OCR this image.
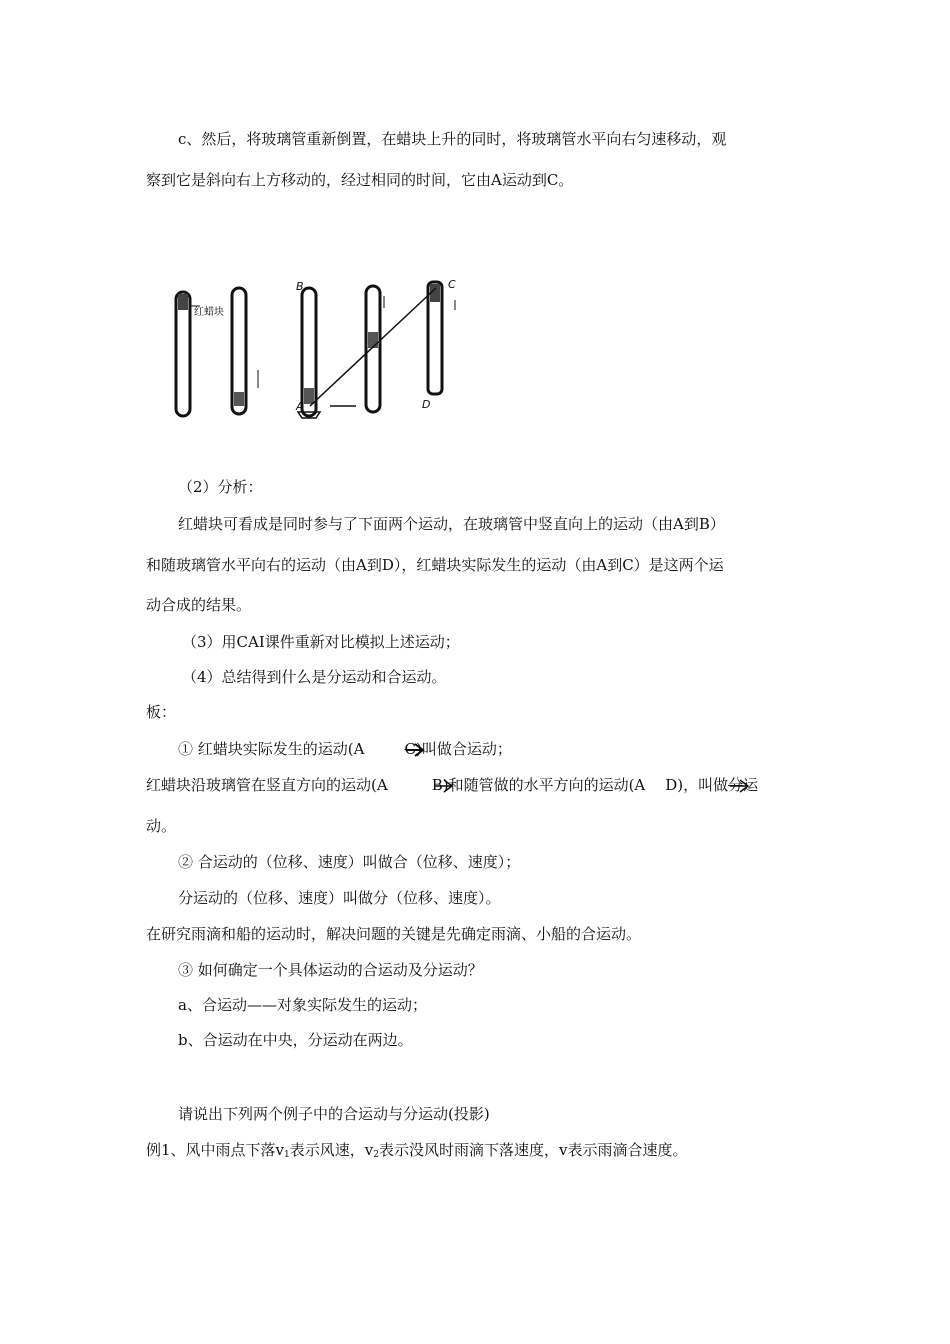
c、然后，将玻璃管重新倒置，在蜡块上升的同时，将玻璃管水平向右匀速移动，观
察到它是斜向右上方移动的，经过相同的时间，它由A运动到C。
红蜡块
B
A
C
D
（2）分析：
红蜡块可看成是同时参与了下面两个运动，在玻璃管中竖直向上的运动（由A到B）
和随玻璃管水平向右的运动（由A到D），红蜡块实际发生的运动（由A到C）是这两个运
动合成的结果。
（3）用CAI课件重新对比模拟上述运动；
（4）总结得到什么是分运动和合运动。
板：
① 红蜡块实际发生的运动(A	C)
叫做合运动；
红蜡块沿玻璃管在竖直方向的运动(A	B)
和随管做的水平方向的运动(A D)，叫做分
运
动。
② 合运动的（位移、速度）叫做合（位移、速度）；
分运动的（位移、速度）叫做分（位移、速度）。
在研究雨滴和船的运动时，解决问题的关键是先确定雨滴、小船的合运动。
③ 如何确定一个具体运动的合运动及分运动？
a、合运动——对象实际发生的运动；
b、合运动在中央，分运动在两边。
请说出下列两个例子中的合运动与分运动(投影)
例1、风中雨点下落$v_1$表示风速，$v_2$表示没风时雨滴下落速度，v表示雨滴合速度。
